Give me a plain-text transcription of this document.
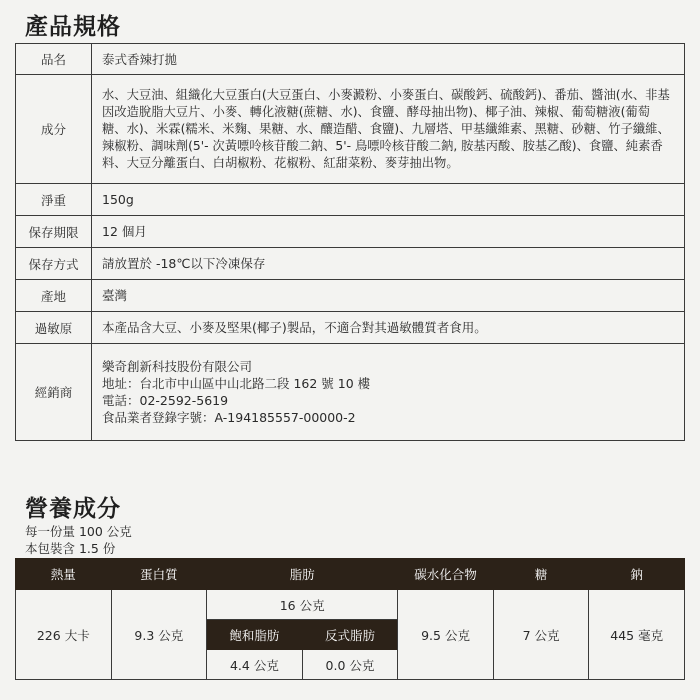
產品規格
品名	泰式香辣打拋
成分	水、大豆油、組織化大豆蛋白(大豆蛋白、小麥澱粉、小麥蛋白、碳酸鈣、硫酸鈣)、番茄、醬油(水、非基因改造脫脂大豆片、小麥、轉化液糖(蔗糖、水)、食鹽、酵母抽出物)、椰子油、辣椒、葡萄糖液(葡萄糖、水)、米霖(糯米、米麴、果糖、水、釀造醋、食鹽)、九層塔、甲基纖維素、黑糖、砂糖、竹子纖維、辣椒粉、調味劑(5'- 次黃嘌呤核苷酸二鈉、5'- 鳥嘌呤核苷酸二鈉, 胺基丙酸、胺基乙酸)、食鹽、純素香料、大豆分離蛋白、白胡椒粉、花椒粉、紅甜菜粉、麥芽抽出物。
淨重	150g
保存期限	12 個月
保存方式	請放置於 -18℃以下冷凍保存
產地	臺灣
過敏原	本產品含大豆、小麥及堅果(椰子)製品，不適合對其過敏體質者食用。
經銷商	樂奇創新科技股份有限公司
地址：台北市中山區中山北路二段 162 號 10 樓
電話：02-2592-5619
食品業者登錄字號：A-194185557-00000-2
營養成分
每一份量 100 公克
本包裝含 1.5 份
熱量	蛋白質	脂肪		碳水化合物	糖	鈉
226 大卡	9.3 公克	16 公克		9.5 公克	7 公克	445 毫克
		飽和脂肪	反式脂肪			
		4.4 公克	0.0 公克			
